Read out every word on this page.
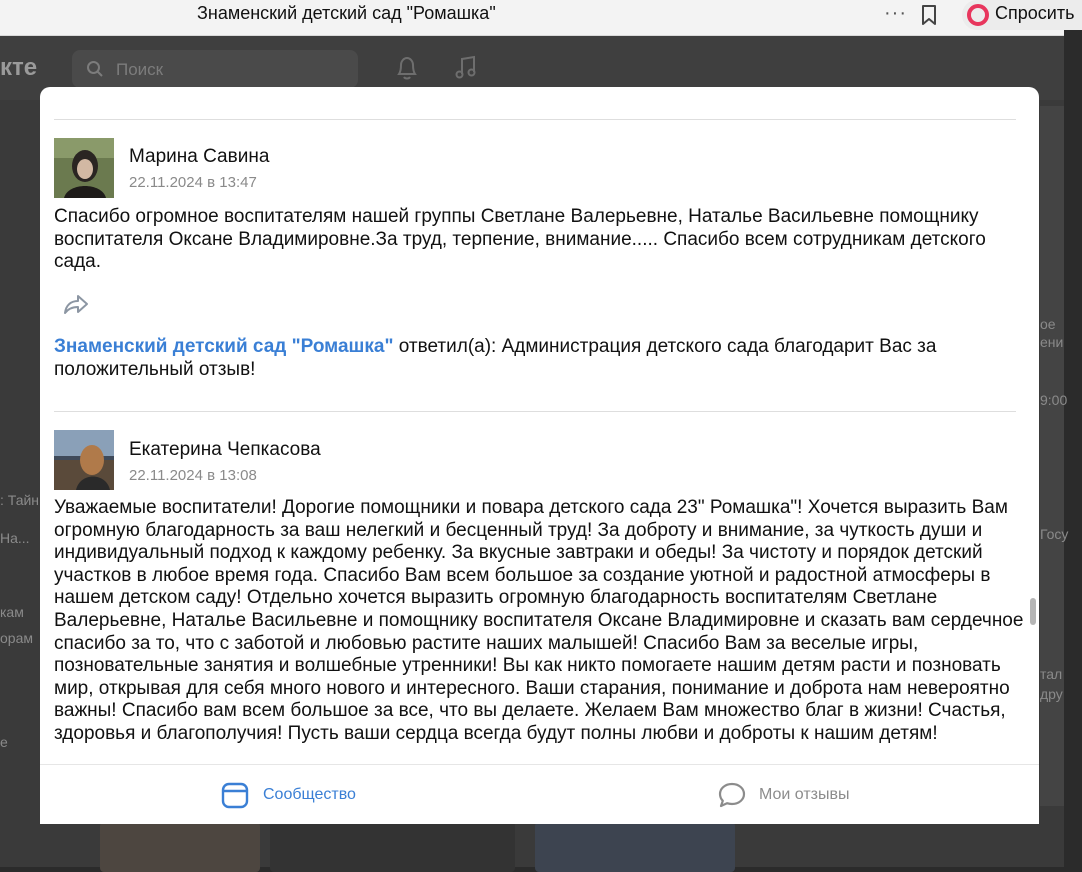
Знаменский детский сад "Ромашка"	···	Спросить
кте	Поиск
: Тайн
На...
кам
орам
е
ое
ени
9:00
Госу
тал
дру
Марина Савина
22.11.2024 в 13:47
Спасибо огромное воспитателям нашей группы Светлане Валерьевне, Наталье Васильевне помощнику воспитателя Оксане Владимировне.За труд, терпение, внимание..... Спасибо всем сотрудникам детского сада.
Знаменский детский сад "Ромашка" ответил(а): Администрация детского сада благодарит Вас за положительный отзыв!
Екатерина Чепкасова
22.11.2024 в 13:08
Уважаемые воспитатели! Дорогие помощники и повара детского сада 23" Ромашка"! Хочется выразить Вам огромную благодарность за ваш нелегкий и бесценный труд! За доброту и внимание, за чуткость души и индивидуальный подход к каждому ребенку. За вкусные завтраки и обеды! За чистоту и порядок детский участков в любое время года. Спасибо Вам всем большое за создание уютной и радостной атмосферы в нашем детском саду! Отдельно хочется выразить огромную благодарность воспитателям Светлане Валерьевне, Наталье Васильевне и помощнику воспитателя Оксане Владимировне и сказать вам сердечное спасибо за то, что с заботой и любовью растите наших малышей! Спасибо Вам за веселые игры, позновательные занятия и волшебные утренники! Вы как никто помогаете нашим детям расти и позновать мир, открывая для себя много нового и интересного. Ваши старания, понимание и доброта нам невероятно важны! Спасибо вам всем большое за все, что вы делаете. Желаем Вам множество благ в жизни! Счастья, здоровья и благополучия! Пусть ваши сердца всегда будут полны любви и доброты к нашим детям!
Сообщество	Мои отзывы
